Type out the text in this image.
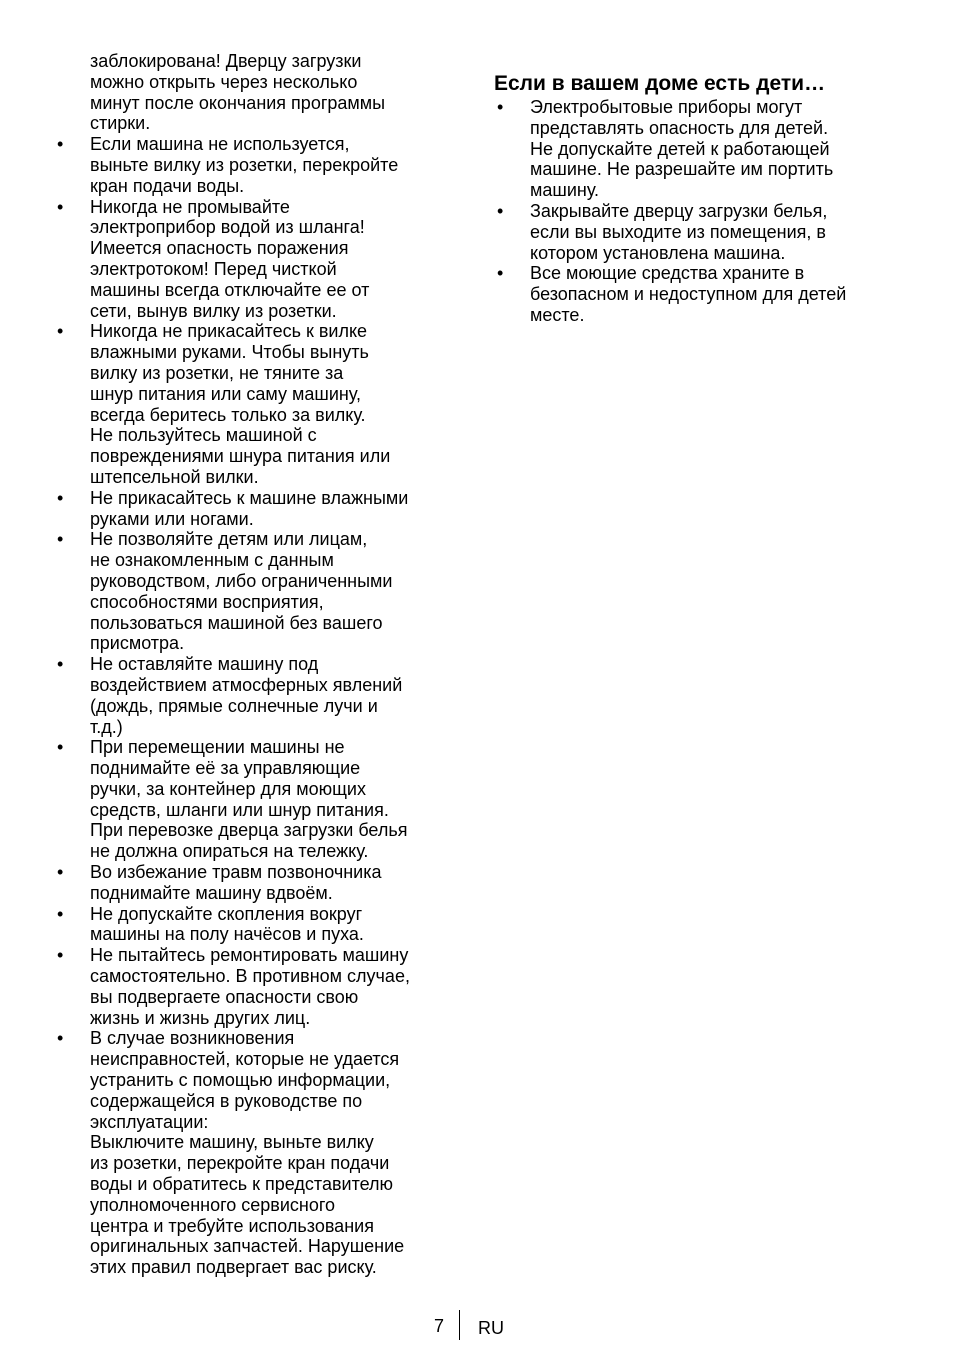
заблокирована! Дверцу загрузки
можно открыть через несколько
минут после окончания программы
стирки.
• Если машина не используется,
выньте вилку из розетки, перекройте
кран подачи воды.
• Никогда не промывайте
электроприбор водой из шланга!
Имеется опасность поражения
электротоком! Перед чисткой
машины всегда отключайте ее от
сети, вынув вилку из розетки.
• Никогда не прикасайтесь к вилке
влажными руками. Чтобы вынуть
вилку из розетки, не тяните за
шнур питания или саму машину,
всегда беритесь только за вилку.
Не пользуйтесь машиной с
повреждениями шнура питания или
штепсельной вилки.
• Не прикасайтесь к машине влажными
руками или ногами.
• Не позволяйте детям или лицам,
не ознакомленным с данным
руководством, либо ограниченными
способностями восприятия,
пользоваться машиной без вашего
присмотра.
• Не оставляйте машину под
воздействием атмосферных явлений
(дождь, прямые солнечные лучи и
т.д.)
• При перемещении машины не
поднимайте её за управляющие
ручки, за контейнер для моющих
средств, шланги или шнур питания.
При перевозке дверца загрузки белья
не должна опираться на тележку.
• Во избежание травм позвоночника
поднимайте машину вдвоём.
• Не допускайте скопления вокруг
машины на полу начёсов и пуха.
• Не пытайтесь ремонтировать машину
самостоятельно. В противном случае,
вы подвергаете опасности свою
жизнь и жизнь других лиц.
• В случае возникновения
неисправностей, которые не удается
устранить с помощью информации,
содержащейся в руководстве по
эксплуатации:
Выключите машину, выньте вилку
из розетки, перекройте кран подачи
воды и обратитесь к представителю
уполномоченного сервисного
центра и требуйте использования
оригинальных запчастей. Нарушение
этих правил подвергает вас риску.
Если в вашем доме есть дети…
• Электробытовые приборы могут
представлять опасность для детей.
Не допускайте детей к работающей
машине. Не разрешайте им портить
машину.
• Закрывайте дверцу загрузки белья,
если вы выходите из помещения, в
котором установлена машина.
• Все моющие средства храните в
безопасном и недоступном для детей
месте.
7 RU
